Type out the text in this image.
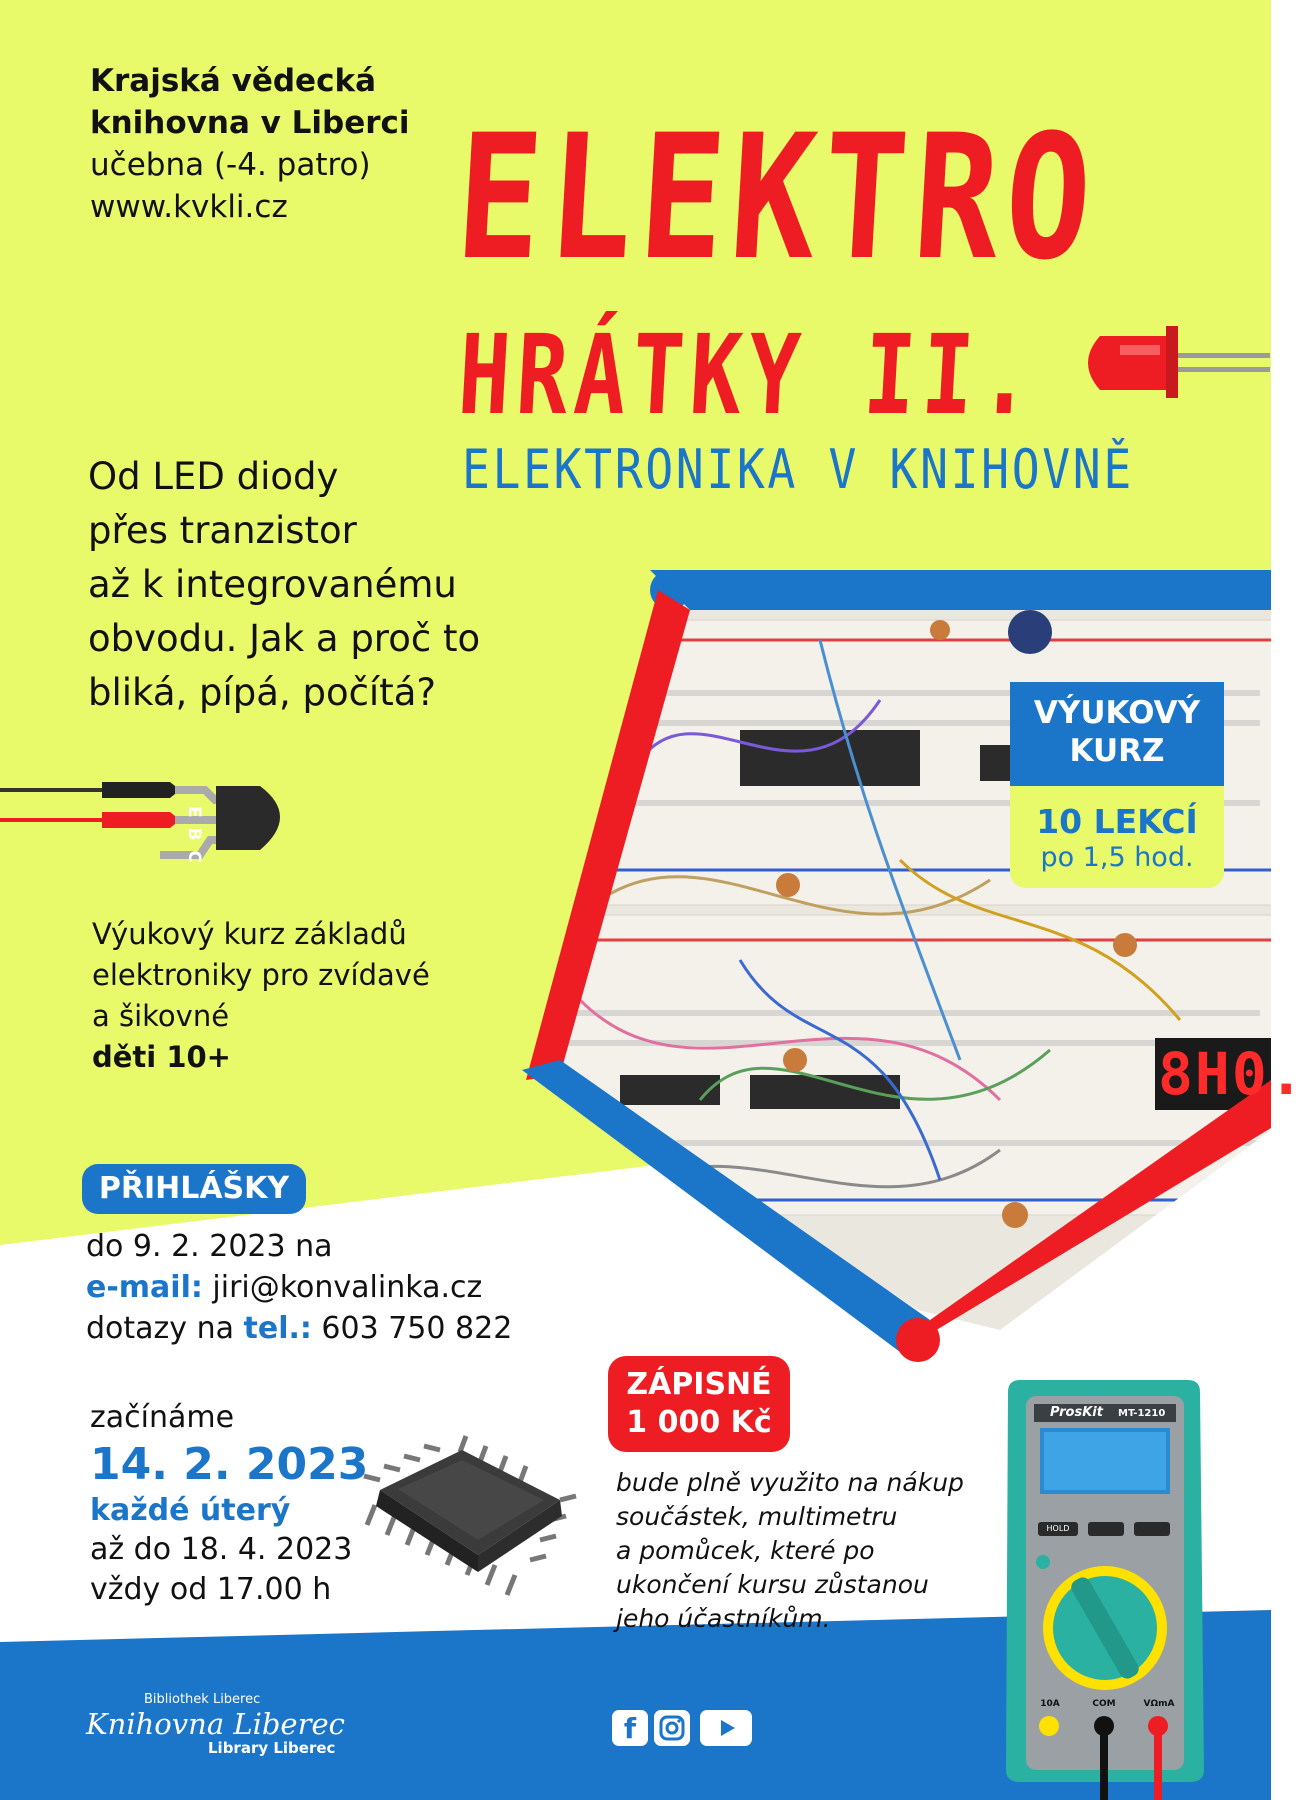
Krajská vědecká
knihovna v Liberci
učebna (-4. patro)
www.kvkli.cz ELEKTRO
HRÁTKY II.
ELEKTRONIKA V KNIHOVNĚ
Od LED diody
přes tranzistor
až k integrovanému
obvodu. Jak a proč to
bliká, pípá, počítá?
E B C
Výukový kurz základů
elektroniky pro zvídavé
a šikovné
děti 10+
VÝUKOVÝ
KURZ
10 LEKCÍ
po 1,5 hod.
8H0.
PŘIHLÁŠKY
do 9. 2. 2023 na
e-mail: jiri@konvalinka.cz
dotazy na tel.: 603 750 822
začínáme
14. 2. 2023
každé úterý
až do 18. 4. 2023
vždy od 17.00 h
ZÁPISNÉ
1 000 Kč
bude plně využito na nákup
součástek, multimetru
a pomůcek, které po
ukončení kursu zůstanou
jeho účastníkům.
ProsKit MT-1210
HOLD
10A	COM	VΩmA
Bibliothek Liberec
Knihovna Liberec
Library Liberec
f
